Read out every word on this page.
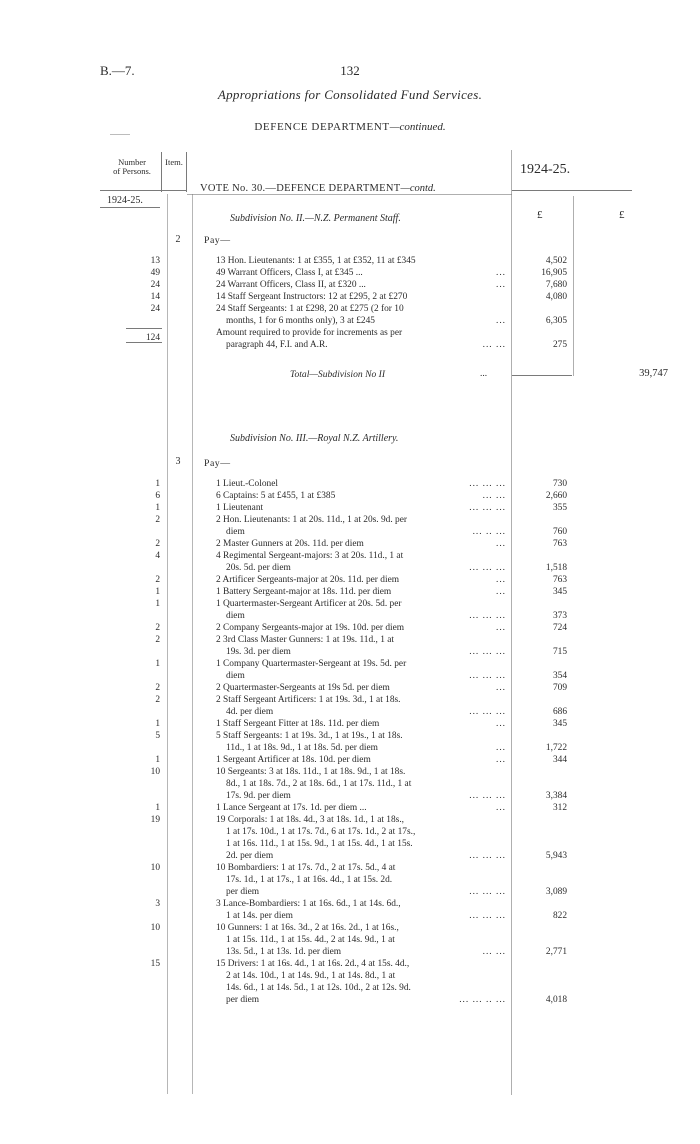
B.—7.	132
Appropriations for Consolidated Fund Services.
DEFENCE DEPARTMENT—continued.
Number
of Persons.
Item.	1924-25.
VOTE No. 30.—DEFENCE DEPARTMENT—contd.
1924-25.
£	£
Subdivision No. II.—N.Z. Permanent Staff.
2	Pay—
13	13 Hon. Lieutenants: 1 at £355, 1 at £352, 11 at £345	4,502
49	49 Warrant Officers, Class I, at £345 ...	...	16,905
24	24 Warrant Officers, Class II, at £320 ...	...	7,680
14	14 Staff Sergeant Instructors: 12 at £295, 2 at £270	4,080
24	24 Staff Sergeants: 1 at £298, 20 at £275 (2 for 10
months, 1 for 6 months only), 3 at £245	...	6,305
Amount required to provide for increments as per
paragraph 44, F.I. and A.R.	... ...	275
124
Total—Subdivision No II	...	39,747
Subdivision No. III.—Royal N.Z. Artillery.
3	Pay—
1	1 Lieut.-Colonel	... ... ...	730
6	6 Captains: 5 at £455, 1 at £385	... ...	2,660
1	1 Lieutenant	... ... ...	355
2	2 Hon. Lieutenants: 1 at 20s. 11d., 1 at 20s. 9d. per
diem	... .. ...	760
2	2 Master Gunners at 20s. 11d. per diem	...	763
4	4 Regimental Sergeant-majors: 3 at 20s. 11d., 1 at
20s. 5d. per diem	... ... ...	1,518
2	2 Artificer Sergeants-major at 20s. 11d. per diem	...	763
1	1 Battery Sergeant-major at 18s. 11d. per diem	...	345
1	1 Quartermaster-Sergeant Artificer at 20s. 5d. per
diem	... ... ...	373
2	2 Company Sergeants-major at 19s. 10d. per diem	...	724
2	2 3rd Class Master Gunners: 1 at 19s. 11d., 1 at
19s. 3d. per diem	... ... ...	715
1	1 Company Quartermaster-Sergeant at 19s. 5d. per
diem	... ... ...	354
2	2 Quartermaster-Sergeants at 19s 5d. per diem	...	709
2	2 Staff Sergeant Artificers: 1 at 19s. 3d., 1 at 18s.
4d. per diem	... ... ...	686
1	1 Staff Sergeant Fitter at 18s. 11d. per diem	...	345
5	5 Staff Sergeants: 1 at 19s. 3d., 1 at 19s., 1 at 18s.
11d., 1 at 18s. 9d., 1 at 18s. 5d. per diem	...	1,722
1	1 Sergeant Artificer at 18s. 10d. per diem	...	344
10	10 Sergeants: 3 at 18s. 11d., 1 at 18s. 9d., 1 at 18s.
8d., 1 at 18s. 7d., 2 at 18s. 6d., 1 at 17s. 11d., 1 at
17s. 9d. per diem	... ... ...	3,384
1	1 Lance Sergeant at 17s. 1d. per diem ...	...	312
19	19 Corporals: 1 at 18s. 4d., 3 at 18s. 1d., 1 at 18s.,
1 at 17s. 10d., 1 at 17s. 7d., 6 at 17s. 1d., 2 at 17s.,
1 at 16s. 11d., 1 at 15s. 9d., 1 at 15s. 4d., 1 at 15s.
2d. per diem	... ... ...	5,943
10	10 Bombardiers: 1 at 17s. 7d., 2 at 17s. 5d., 4 at
17s. 1d., 1 at 17s., 1 at 16s. 4d., 1 at 15s. 2d.
per diem	... ... ...	3,089
3	3 Lance-Bombardiers: 1 at 16s. 6d., 1 at 14s. 6d.,
1 at 14s. per diem	... ... ...	822
10	10 Gunners: 1 at 16s. 3d., 2 at 16s. 2d., 1 at 16s.,
1 at 15s. 11d., 1 at 15s. 4d., 2 at 14s. 9d., 1 at
13s. 5d., 1 at 13s. 1d. per diem	... ...	2,771
15	15 Drivers: 1 at 16s. 4d., 1 at 16s. 2d., 4 at 15s. 4d.,
2 at 14s. 10d., 1 at 14s. 9d., 1 at 14s. 8d., 1 at
14s. 6d., 1 at 14s. 5d., 1 at 12s. 10d., 2 at 12s. 9d.
per diem	... ... .. ...	4,018
